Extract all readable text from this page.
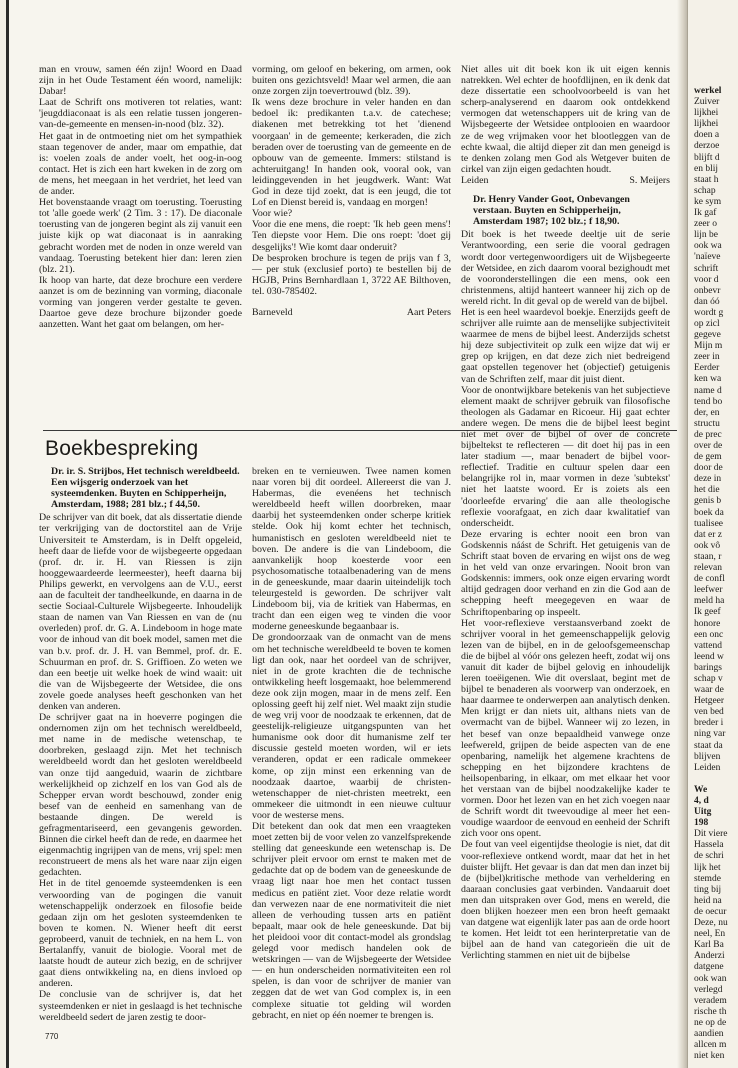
man en vrouw, samen één zijn! Woord en Daad zijn in het Oude Testament één woord, namelijk: Dabar!

Laat de Schrift ons motiveren tot relaties, want: 'jeugddiaconaat is als een relatie tussen jongeren-van-de-gemeente en mensen-in-nood (blz. 32).

Het gaat in de ontmoeting niet om het sympathiek staan tegenover de ander, maar om empathie, dat is: voelen zoals de ander voelt, het oog-in-oog contact. Het is zich een hart kweken in de zorg om de mens, het meegaan in het verdriet, het leed van de ander.

Het bovenstaande vraagt om toerusting. Toerusting tot 'alle goede werk' (2 Tim. 3 : 17). De diaconale toerusting van de jongeren begint als zij vanuit een juiste kijk op wat diaconaat is in aanraking gebracht worden met de noden in onze wereld van vandaag. Toerusting betekent hier dan: leren zien (blz. 21).

Ik hoop van harte, dat deze brochure een verdere aanzet is om de bezinning van vorming, diaconale vorming van jongeren verder gestalte te geven. Daartoe geve deze brochure bijzonder goede aanzetten. Want het gaat om belangen, om her-

vorming, om geloof en bekering, om armen, ook buiten ons gezichtsveld! Maar wel armen, die aan onze zorgen zijn toevertrouwd (blz. 39).

Ik wens deze brochure in veler handen en dan bedoel ik: predikanten t.a.v. de catechese; diakenen met betrekking tot het 'dienend voorgaan' in de gemeente; kerkeraden, die zich beraden over de toerusting van de gemeente en de opbouw van de gemeente. Immers: stilstand is achteruitgang! In handen ook, vooral ook, van leidinggevenden in het jeugdwerk. Want: Wat God in deze tijd zoekt, dat is een jeugd, die tot Lof en Dienst bereid is, vandaag en morgen!

Voor wie?

Voor die ene mens, die roept: 'Ik heb geen mens'! Ten diepste voor Hem. Die ons roept: 'doet gij desgelijks'! Wie komt daar onderuit?

De besproken brochure is tegen de prijs van f 3,— per stuk (exclusief porto) te bestellen bij de HGJB, Prins Bernhardlaan 1, 3722 AE Bilthoven, tel. 030-785402.

Barneveld	Aart Peters
Boekbespreking

Dr. ir. S. Strijbos, Het technisch wereldbeeld. Een wijsgerig onderzoek van het systeemdenken. Buyten en Schipperheijn, Amsterdam, 1988; 281 blz.; f 44,50.

De schrijver van dit boek, dat als dissertatie diende ter verkrijging van de doctorstitel aan de Vrije Universiteit te Amsterdam, is in Delft opgeleid, heeft daar de liefde voor de wijsbegeerte opgedaan (prof. dr. ir. H. van Riessen is zijn hooggewaardeerde leermeester), heeft daarna bij Philips gewerkt, en vervolgens aan de V.U., eerst aan de faculteit der tandheelkunde, en daarna in de sectie Sociaal-Culturele Wijsbegeerte. Inhoudelijk staan de namen van Van Riessen en van de (nu overleden) prof. dr. G. A. Lindeboom in hoge mate voor de inhoud van dit boek model, samen met die van b.v. prof. dr. J. H. van Bemmel, prof. dr. E. Schuurman en prof. dr. S. Griffioen. Zo weten we dan een beetje uit welke hoek de wind waait: uit die van de Wijsbegeerte der Wetsidee, die ons zovele goede analyses heeft geschonken van het denken van anderen.

De schrijver gaat na in hoeverre pogingen die ondernomen zijn om het technisch wereldbeeld, met name in de medische wetenschap, te doorbreken, geslaagd zijn. Met het technisch wereldbeeld wordt dan het gesloten wereldbeeld van onze tijd aangeduid, waarin de zichtbare werkelijkheid op zichzelf en los van God als de Schepper ervan wordt beschouwd, zonder enig besef van de eenheid en samenhang van de bestaande dingen. De wereld is gefragmentariseerd, een gevangenis geworden. Binnen die cirkel heeft dan de rede, en daarmee het eigenmachtig ingrijpen van de mens, vrij spel: men reconstrueert de mens als het ware naar zijn eigen gedachten.

Het in de titel genoemde systeemdenken is een verwoording van de pogingen die vanuit wetenschappelijk onderzoek en filosofie beide gedaan zijn om het gesloten systeemdenken te boven te komen. N. Wiener heeft dit eerst geprobeerd, vanuit de techniek, en na hem L. von Bertalanffy, vanuit de biologie. Vooral met de laatste houdt de auteur zich bezig, en de schrijver gaat diens ontwikkeling na, en diens invloed op anderen.

De conclusie van de schrijver is, dat het systeemdenken er niet in geslaagd is het technische wereldbeeld sedert de jaren zestig te door-

breken en te vernieuwen. Twee namen komen naar voren bij dit oordeel. Allereerst die van J. Habermas, die evenéens het technisch wereldbeeld heeft willen doorbreken, maar daarbij het systeemdenken onder scherpe kritiek stelde. Ook hij komt echter het technisch, humanistisch en gesloten wereldbeeld niet te boven. De andere is die van Lindeboom, die aanvankelijk hoop koesterde voor een psychosomatische totaalbenadering van de mens in de geneeskunde, maar daarin uiteindelijk toch teleurgesteld is geworden. De schrijver valt Lindeboom bij, via de kritiek van Habermas, en tracht dan een eigen weg te vinden die voor moderne geneeskunde begaanbaar is.

De grondoorzaak van de onmacht van de mens om het technische wereldbeeld te boven te komen ligt dan ook, naar het oordeel van de schrijver, niet in de grote krachten die de technische ontwikkeling heeft losgemaakt, hoe belemmerend deze ook zijn mogen, maar in de mens zelf. Een oplossing geeft hij zelf niet. Wel maakt zijn studie de weg vrij voor de noodzaak te erkennen, dat de geestelijk-religieuze uitgangspunten van het humanisme ook door dit humanisme zelf ter discussie gesteld moeten worden, wil er iets veranderen, opdat er een radicale ommekeer kome, op zijn minst een erkenning van de noodzaak daartoe, waarbij de christen-wetenschapper de niet-christen meetrekt, een ommekeer die uitmondt in een nieuwe cultuur voor de westerse mens.

Dit betekent dan ook dat men een vraagteken moet zetten bij de voor velen zo vanzelfsprekende stelling dat geneeskunde een wetenschap is. De schrijver pleit ervoor om ernst te maken met de gedachte dat op de bodem van de geneeskunde de vraag ligt naar hoe men het contact tussen medicus en patiënt ziet. Voor deze relatie wordt dan verwezen naar de ene normativiteit die niet alleen de verhouding tussen arts en patiënt bepaalt, maar ook de hele geneeskunde. Dat bij het pleidooi voor dit contact-model als grondslag gelegd voor medisch handelen ook de wetskringen — van de Wijsbegeerte der Wetsidee — en hun onderscheiden normativiteiten een rol spelen, is dan voor de schrijver de manier van zeggen dat de wet van God complex is, in een complexe situatie tot gelding wil worden gebracht, en niet op één noemer te brengen is.

Niet alles uit dit boek kon ik uit eigen kennis natrekken. Wel echter de hoofdlijnen, en ik denk dat deze dissertatie een schoolvoorbeeld is van het scherp-analyserend en daarom ook ontdekkend vermogen dat wetenschappers uit de kring van de Wijsbegeerte der Wetsidee ontplooien en waardoor ze de weg vrijmaken voor het blootleggen van de echte kwaal, die altijd dieper zit dan men geneigd is te denken zolang men God als Wetgever buiten de cirkel van zijn eigen gedachten houdt.

Leiden	S. Meijers

Dr. Henry Vander Goot, Onbevangen verstaan. Buyten en Schipperheijn, Amsterdam 1987; 102 blz.; f 18,90.

Dit boek is het tweede deeltje uit de serie Verantwoording, een serie die vooral gedragen wordt door vertegenwoordigers uit de Wijsbegeerte der Wetsidee, en zich daarom vooral bezighoudt met de vooronderstellingen die een mens, ook een christenmens, altijd hanteert wanneer hij zich op de wereld richt. In dit geval op de wereld van de bijbel.

Het is een heel waardevol boekje. Enerzijds geeft de schrijver alle ruimte aan de menselijke subjectiviteit waarmee de mens de bijbel leest. Anderzijds schetst hij deze subjectiviteit op zulk een wijze dat wij er grep op krijgen, en dat deze zich niet bedreigend gaat opstellen tegenover het (objectief) getuigenis van de Schriften zelf, maar dit juist dient.

Voor de onontwijkbare betekenis van het subjectieve element maakt de schrijver gebruik van filosofische theologen als Gadamar en Ricoeur. Hij gaat echter andere wegen. De mens die de bijbel leest begint niet met over de bijbel of over de concrete bijbeltekst te reflecteren — dit doet hij pas in een later stadium —, maar benadert de bijbel voor-reflectief. Traditie en cultuur spelen daar een belangrijke rol in, maar vormen in deze 'subtekst' niet het laatste woord. Er is zoiets als een 'doorleefde ervaring' die aan alle theologische reflexie voorafgaat, en zich daar kwalitatief van onderscheidt.

Deze ervaring is echter nooit een bron van Godskennis náást de Schrift. Het getuigenis van de Schrift staat boven de ervaring en wijst ons de weg in het veld van onze ervaringen. Nooit bron van Godskennis: immers, ook onze eigen ervaring wordt altijd gedragen door verhand en zin die God aan de schepping heeft meegegeven en waar de Schriftopenbaring op inspeelt.

Het voor-reflexieve verstaansverband zoekt de schrijver vooral in het gemeenschappelijk gelovig lezen van de bijbel, en in de geloofsgemeenschap die de bijbel al vóór ons gelezen heeft, zodat wij ons vanuit dit kader de bijbel gelovig en inhoudelijk leren toeëigenen. Wie dit overslaat, begint met de bijbel te benaderen als voorwerp van onderzoek, en haar daarmee te onderwerpen aan analytisch denken. Men krijgt er dan niets uit, althans niets van de overmacht van de bijbel. Wanneer wij zo lezen, in het besef van onze bepaaldheid vanwege onze leefwereld, grijpen de beide aspecten van de ene openbaring, namelijk het algemene krachtens de schepping en het bijzondere krachtens de heilsopenbaring, in elkaar, om met elkaar het voor het verstaan van de bijbel noodzakelijke kader te vormen. Door het lezen van en het zich voegen naar de Schrift wordt dit tweevoudige al meer het een-voudige waardoor de eenvoud en eenheid der Schrift zich voor ons opent.

De fout van veel eigentijdse theologie is niet, dat dit voor-reflexieve ontkend wordt, maar dat het in het duister blijft. Het gevaar is dan dat men dan inzet bij de (bijbel)kritische methode van verheldering en daaraan conclusies gaat verbinden. Vandaaruit doet men dan uitspraken over God, mens en wereld, die doen blijken hoezeer men een bron heeft gemaakt van datgene wat eigenlijk later pas aan de orde hoort te komen. Het leidt tot een herinterpretatie van de bijbel aan de hand van categorieën die uit de Verlichting stammen en niet uit de bijbelse

770
werkel
Zuiver
lijkhei
lijkhei
doen a
derzoe
blijft d
en blij
staat h
schap
ke sym
Ik gaf
zeer o
lijn be
ook wa
'naïeve
schrift
voor d
onbevr
dan óó
wordt g
op zicl
gegeve
Mijn m
zeer in
Eerder
ken wa
name d
tend bo
der, en
structu
de prec
over de
de gem
door de
deze in
het die
genis b
boek da
tualisee
dat er z
ook vô
staan, r
relevan
de confl
leefwer
meld ha
Ik geef
honore
een onc
vattend
leend w
barings
schap v
waar de
Hetgeer
ven bed
breder i
ning var
staat da
blijven
Leiden

We
4, d
Uitg
198
Dit viere
Hassela
de schri
lijk het
stemde
ting bij
heid na
de oecur
Deze, nu
neel, En
Karl Ba
Anderzi
datgene
ook wan
verlegd
veradem
rische th
ne op de
aandien
allcen m
niet ken
